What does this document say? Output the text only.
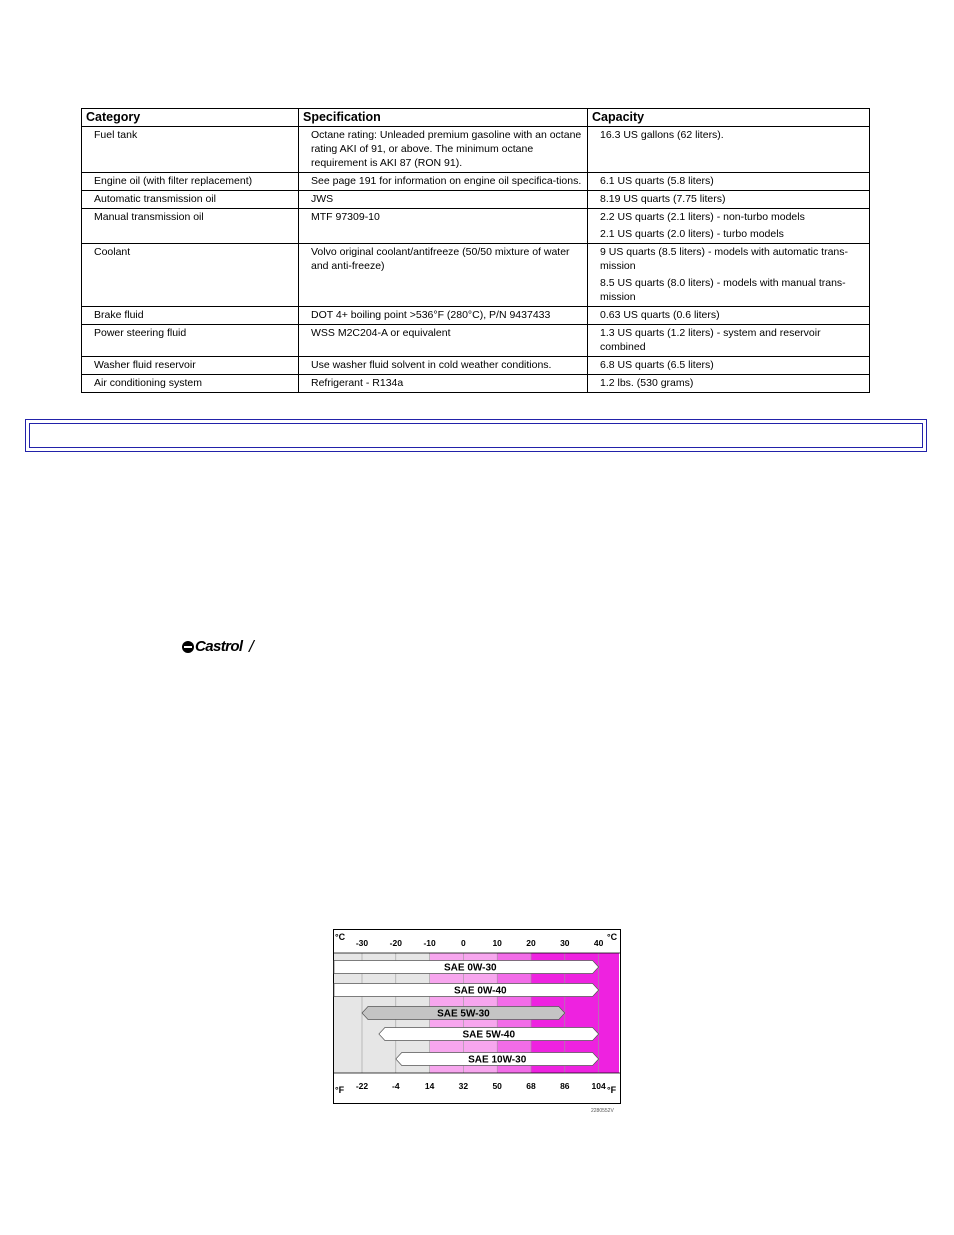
Category	Specification	Capacity
Fuel tank	Octane rating: Unleaded premium gasoline with an octane rating AKI of 91, or above. The minimum octane requirement is AKI 87 (RON 91).	16.3 US gallons (62 liters).

Engine oil (with filter replacement)	See page 191 for information on engine oil specifica-tions.	6.1 US quarts (5.8 liters)

Automatic transmission oil	JWS	8.19 US quarts (7.75 liters)

Manual transmission oil	MTF 97309-10	2.2 US quarts (2.1 liters) - non-turbo models
2.1 US quarts (2.0 liters) - turbo models

Coolant	Volvo original coolant/antifreeze (50/50 mixture of water and anti-freeze)	9 US quarts (8.5 liters) - models with automatic trans-mission
8.5 US quarts (8.0 liters) - models with manual trans-mission

Brake fluid	DOT 4+ boiling point >536°F (280°C), P/N 9437433	0.63 US quarts (0.6 liters)

Power steering fluid	WSS M2C204-A or equivalent	1.3 US quarts (1.2 liters) - system and reservoir combined

Washer fluid reservoir	Use washer fluid solvent in cold weather conditions.	6.8 US quarts (6.5 liters)

Air conditioning system	Refrigerant - R134a	1.2 lbs. (530 grams)
Castrol /
°C	°C
°F	°F
-30	-20	-10	0	10	20	30	40
-22	-4	14	32	50	68	86	104
SAE 0W-30
SAE 0W-40
SAE 5W-30
SAE 5W-40
SAE 10W-30
2280552V
